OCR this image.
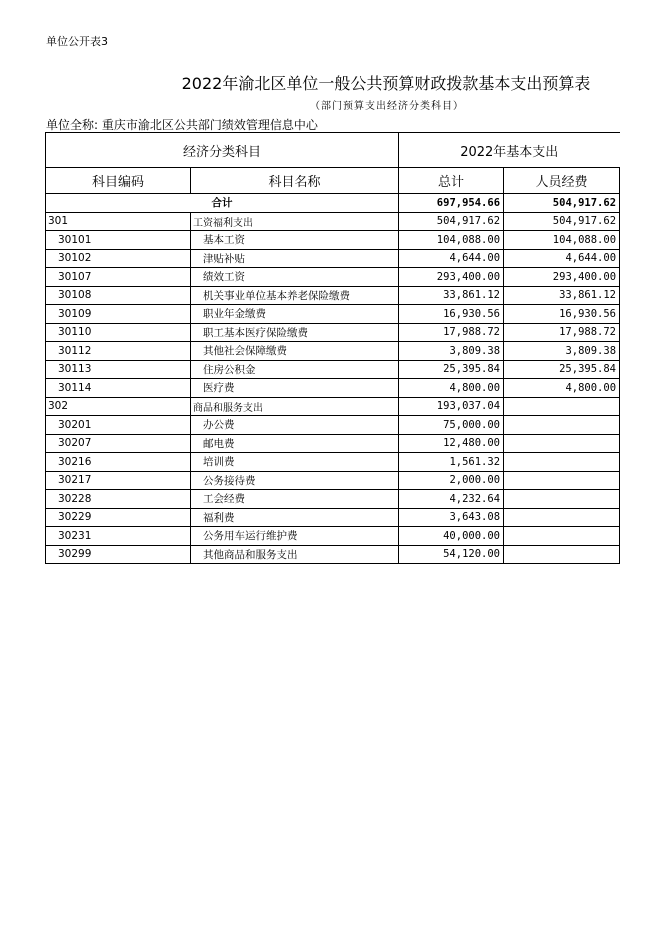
单位公开表3
2022年渝北区单位一般公共预算财政拨款基本支出预算表
（部门预算支出经济分类科目）
单位全称: 重庆市渝北区公共部门绩效管理信息中心
经济分类科目		2022年基本支出	
科目编码	科目名称	总计	人员经费
合计		697,954.66	504,917.62
301	工资福利支出	504,917.62	504,917.62
30101	基本工资	104,088.00	104,088.00
30102	津贴补贴	4,644.00	4,644.00
30107	绩效工资	293,400.00	293,400.00
30108	机关事业单位基本养老保险缴费	33,861.12	33,861.12
30109	职业年金缴费	16,930.56	16,930.56
30110	职工基本医疗保险缴费	17,988.72	17,988.72
30112	其他社会保障缴费	3,809.38	3,809.38
30113	住房公积金	25,395.84	25,395.84
30114	医疗费	4,800.00	4,800.00
302	商品和服务支出	193,037.04	
30201	办公费	75,000.00	
30207	邮电费	12,480.00	
30216	培训费	1,561.32	
30217	公务接待费	2,000.00	
30228	工会经费	4,232.64	
30229	福利费	3,643.08	
30231	公务用车运行维护费	40,000.00	
30299	其他商品和服务支出	54,120.00	
